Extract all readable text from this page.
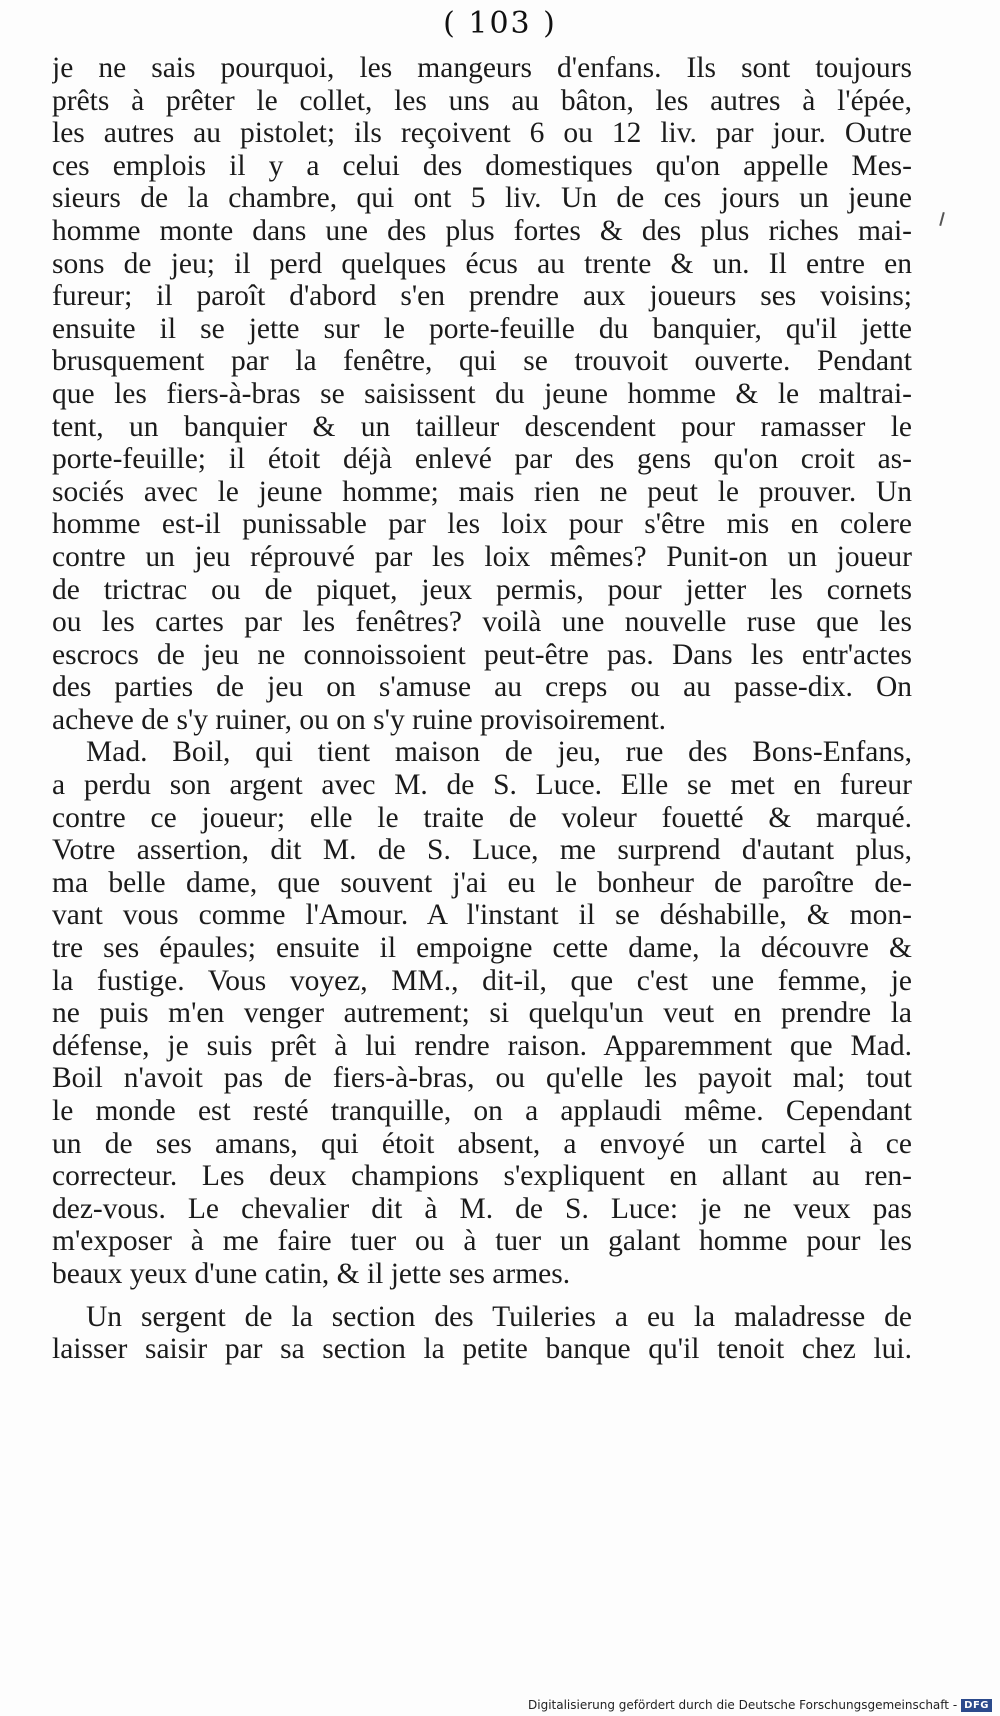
( 103 )
je ne sais pourquoi, les mangeurs d'enfans. Ils sont toujours
prêts à prêter le collet, les uns au bâton, les autres à l'épée,
les autres au pistolet; ils reçoivent 6 ou 12 liv. par jour. Outre
ces emplois il y a celui des domestiques qu'on appelle Mes-
sieurs de la chambre, qui ont 5 liv. Un de ces jours un jeune
homme monte dans une des plus fortes & des plus riches mai-
sons de jeu; il perd quelques écus au trente & un. Il entre en
fureur; il paroît d'abord s'en prendre aux joueurs ses voisins;
ensuite il se jette sur le porte-feuille du banquier, qu'il jette
brusquement par la fenêtre, qui se trouvoit ouverte. Pendant
que les fiers-à-bras se saisissent du jeune homme & le maltrai-
tent, un banquier & un tailleur descendent pour ramasser le
porte-feuille; il étoit déjà enlevé par des gens qu'on croit as-
sociés avec le jeune homme; mais rien ne peut le prouver. Un
homme est-il punissable par les loix pour s'être mis en colere
contre un jeu réprouvé par les loix mêmes? Punit-on un joueur
de trictrac ou de piquet, jeux permis, pour jetter les cornets
ou les cartes par les fenêtres? voilà une nouvelle ruse que les
escrocs de jeu ne connoissoient peut-être pas. Dans les entr'actes
des parties de jeu on s'amuse au creps ou au passe-dix. On
acheve de s'y ruiner, ou on s'y ruine provisoirement.
Mad. Boil, qui tient maison de jeu, rue des Bons-Enfans,
a perdu son argent avec M. de S. Luce. Elle se met en fureur
contre ce joueur; elle le traite de voleur fouetté & marqué.
Votre assertion, dit M. de S. Luce, me surprend d'autant plus,
ma belle dame, que souvent j'ai eu le bonheur de paroître de-
vant vous comme l'Amour. A l'instant il se déshabille, & mon-
tre ses épaules; ensuite il empoigne cette dame, la découvre &
la fustige. Vous voyez, MM., dit-il, que c'est une femme, je
ne puis m'en venger autrement; si quelqu'un veut en prendre la
défense, je suis prêt à lui rendre raison. Apparemment que Mad.
Boil n'avoit pas de fiers-à-bras, ou qu'elle les payoit mal; tout
le monde est resté tranquille, on a applaudi même. Cependant
un de ses amans, qui étoit absent, a envoyé un cartel à ce
correcteur. Les deux champions s'expliquent en allant au ren-
dez-vous. Le chevalier dit à M. de S. Luce: je ne veux pas
m'exposer à me faire tuer ou à tuer un galant homme pour les
beaux yeux d'une catin, & il jette ses armes.
Un sergent de la section des Tuileries a eu la maladresse de
laisser saisir par sa section la petite banque qu'il tenoit chez lui.
Digitalisierung gefördert durch die Deutsche Forschungsgemeinschaft - DFG
